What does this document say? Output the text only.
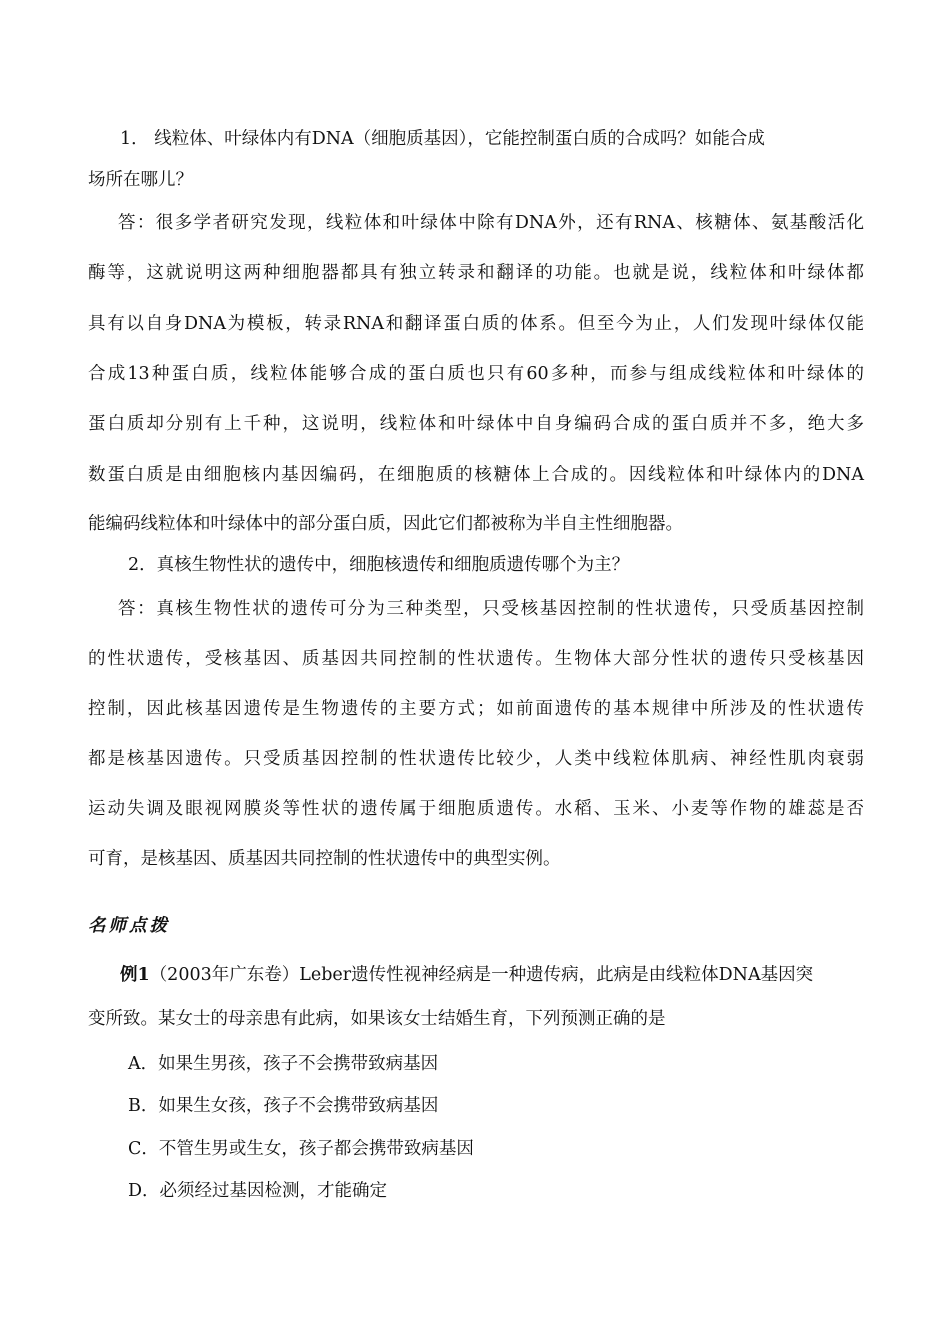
1． 线粒体、叶绿体内有DNA（细胞质基因），它能控制蛋白质的合成吗？如能合成
场所在哪儿？
答：很多学者研究发现，线粒体和叶绿体中除有DNA外，还有RNA、核糖体、氨基酸活化
酶等，这就说明这两种细胞器都具有独立转录和翻译的功能。也就是说，线粒体和叶绿体都
具有以自身DNA为模板，转录RNA和翻译蛋白质的体系。但至今为止，人们发现叶绿体仅能
合成13种蛋白质，线粒体能够合成的蛋白质也只有60多种，而参与组成线粒体和叶绿体的
蛋白质却分别有上千种，这说明，线粒体和叶绿体中自身编码合成的蛋白质并不多，绝大多
数蛋白质是由细胞核内基因编码，在细胞质的核糖体上合成的。因线粒体和叶绿体内的DNA
能编码线粒体和叶绿体中的部分蛋白质，因此它们都被称为半自主性细胞器。
2．真核生物性状的遗传中，细胞核遗传和细胞质遗传哪个为主？
答：真核生物性状的遗传可分为三种类型，只受核基因控制的性状遗传，只受质基因控制
的性状遗传，受核基因、质基因共同控制的性状遗传。生物体大部分性状的遗传只受核基因
控制，因此核基因遗传是生物遗传的主要方式；如前面遗传的基本规律中所涉及的性状遗传
都是核基因遗传。只受质基因控制的性状遗传比较少，人类中线粒体肌病、神经性肌肉衰弱
运动失调及眼视网膜炎等性状的遗传属于细胞质遗传。水稻、玉米、小麦等作物的雄蕊是否
可育，是核基因、质基因共同控制的性状遗传中的典型实例。
名师点拨
例1（2003年广东卷）Leber遗传性视神经病是一种遗传病，此病是由线粒体DNA基因突
变所致。某女士的母亲患有此病，如果该女士结婚生育，下列预测正确的是
A．如果生男孩，孩子不会携带致病基因
B．如果生女孩，孩子不会携带致病基因
C．不管生男或生女，孩子都会携带致病基因
D．必须经过基因检测，才能确定
